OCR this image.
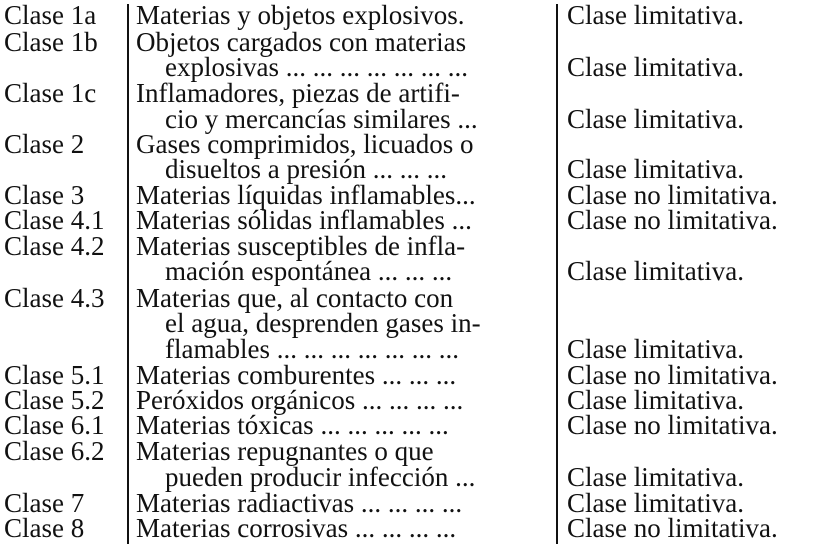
Clase 1a Materias y objetos explosivos.	Clase limitativa.
Clase 1b Objetos cargados con materias
explosivas ... ... ... ... ... ... ...	Clase limitativa.
Clase 1c Inflamadores, piezas de artifi-
cio y mercancías similares ...	Clase limitativa.
Clase 2 Gases comprimidos, licuados o
disueltos a presión ... ... ...	Clase limitativa.
Clase 3 Materias líquidas inflamables...	Clase no limitativa.
Clase 4.1 Materias sólidas inflamables ...	Clase no limitativa.
Clase 4.2 Materias susceptibles de infla-
mación espontánea ... ... ...	Clase limitativa.
Clase 4.3 Materias que, al contacto con
el agua, desprenden gases in-
flamables ... ... ... ... ... ... ...	Clase limitativa.
Clase 5.1 Materias comburentes ... ... ...	Clase no limitativa.
Clase 5.2 Peróxidos orgánicos ... ... ... ...	Clase limitativa.
Clase 6.1 Materias tóxicas ... ... ... ... ...	Clase no limitativa.
Clase 6.2 Materias repugnantes o que
pueden producir infección ...	Clase limitativa.
Clase 7 Materias radiactivas ... ... ... ...	Clase limitativa.
Clase 8 Materias corrosivas ... ... ... ...	Clase no limitativa.
